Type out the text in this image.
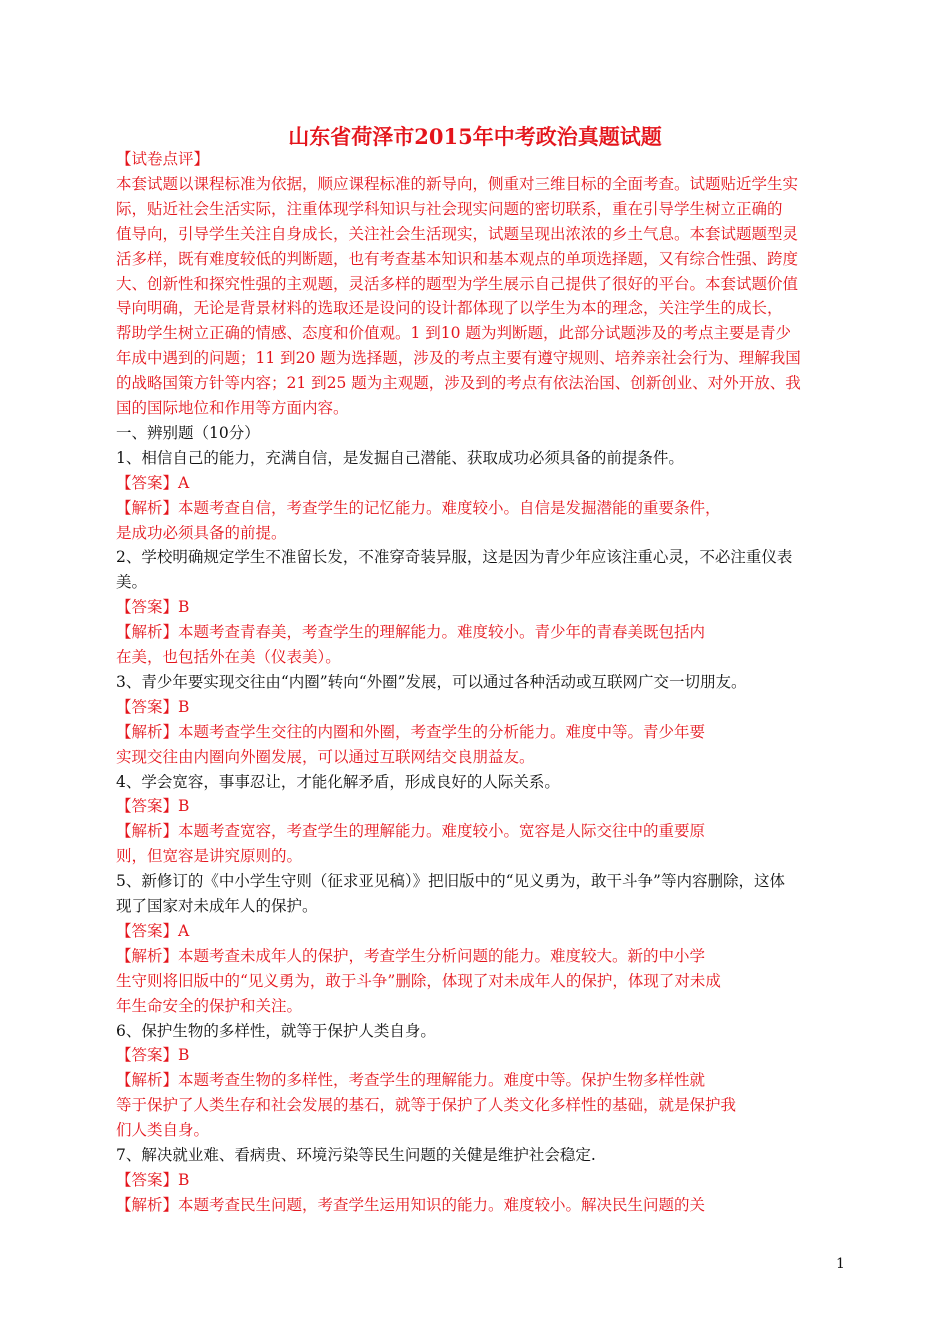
山东省荷泽市2015年中考政治真题试题
【试卷点评】
本套试题以课程标准为依据，顺应课程标准的新导向，侧重对三维目标的全面考查。试题贴近学生实
际，贴近社会生活实际，注重体现学科知识与社会现实问题的密切联系，重在引导学生树立正确的
值导向，引导学生关注自身成长，关注社会生活现实，试题呈现出浓浓的乡土气息。本套试题题型灵
活多样，既有难度较低的判断题，也有考查基本知识和基本观点的单项选择题，又有综合性强、跨度
大、创新性和探究性强的主观题，灵活多样的题型为学生展示自己提供了很好的平台。本套试题价值
导向明确，无论是背景材料的选取还是设问的设计都体现了以学生为本的理念，关注学生的成长，
帮助学生树立正确的情感、态度和价值观。1 到10 题为判断题，此部分试题涉及的考点主要是青少
年成中遇到的问题；11 到20 题为选择题，涉及的考点主要有遵守规则、培养亲社会行为、理解我国
的战略国策方针等内容；21 到25 题为主观题，涉及到的考点有依法治国、创新创业、对外开放、我
国的国际地位和作用等方面内容。
一、辨别题（10分）
1、相信自己的能力，充满自信，是发掘自己潜能、获取成功必须具备的前提条件。
【答案】A
【解析】本题考查自信，考查学生的记忆能力。难度较小。自信是发掘潜能的重要条件，
是成功必须具备的前提。
2、学校明确规定学生不准留长发，不准穿奇装异服，这是因为青少年应该注重心灵，不必注重仪表
美。
【答案】B
【解析】本题考查青春美，考查学生的理解能力。难度较小。青少年的青春美既包括内
在美，也包括外在美（仪表美）。
3、青少年要实现交往由“内圈”转向“外圈”发展，可以通过各种活动或互联网广交一切朋友。
【答案】B
【解析】本题考查学生交往的内圈和外圈，考查学生的分析能力。难度中等。青少年要
实现交往由内圈向外圈发展，可以通过互联网结交良朋益友。
4、学会宽容，事事忍让，才能化解矛盾，形成良好的人际关系。
【答案】B
【解析】本题考查宽容，考查学生的理解能力。难度较小。宽容是人际交往中的重要原
则，但宽容是讲究原则的。
5、新修订的《中小学生守则（征求亚见稿）》把旧版中的“见义勇为，敢干斗争”等内容删除，这体
现了国家对未成年人的保护。
【答案】A
【解析】本题考查未成年人的保护，考查学生分析问题的能力。难度较大。新的中小学
生守则将旧版中的“见义勇为，敢于斗争”删除，体现了对未成年人的保护，体现了对未成
年生命安全的保护和关注。
6、保护生物的多样性，就等于保护人类自身。
【答案】B
【解析】本题考查生物的多样性，考查学生的理解能力。难度中等。保护生物多样性就
等于保护了人类生存和社会发展的基石，就等于保护了人类文化多样性的基础，就是保护我
们人类自身。
7、解决就业难、看病贵、环境污染等民生问题的关健是维护社会稳定.
【答案】B
【解析】本题考查民生问题，考查学生运用知识的能力。难度较小。解决民生问题的关
1
